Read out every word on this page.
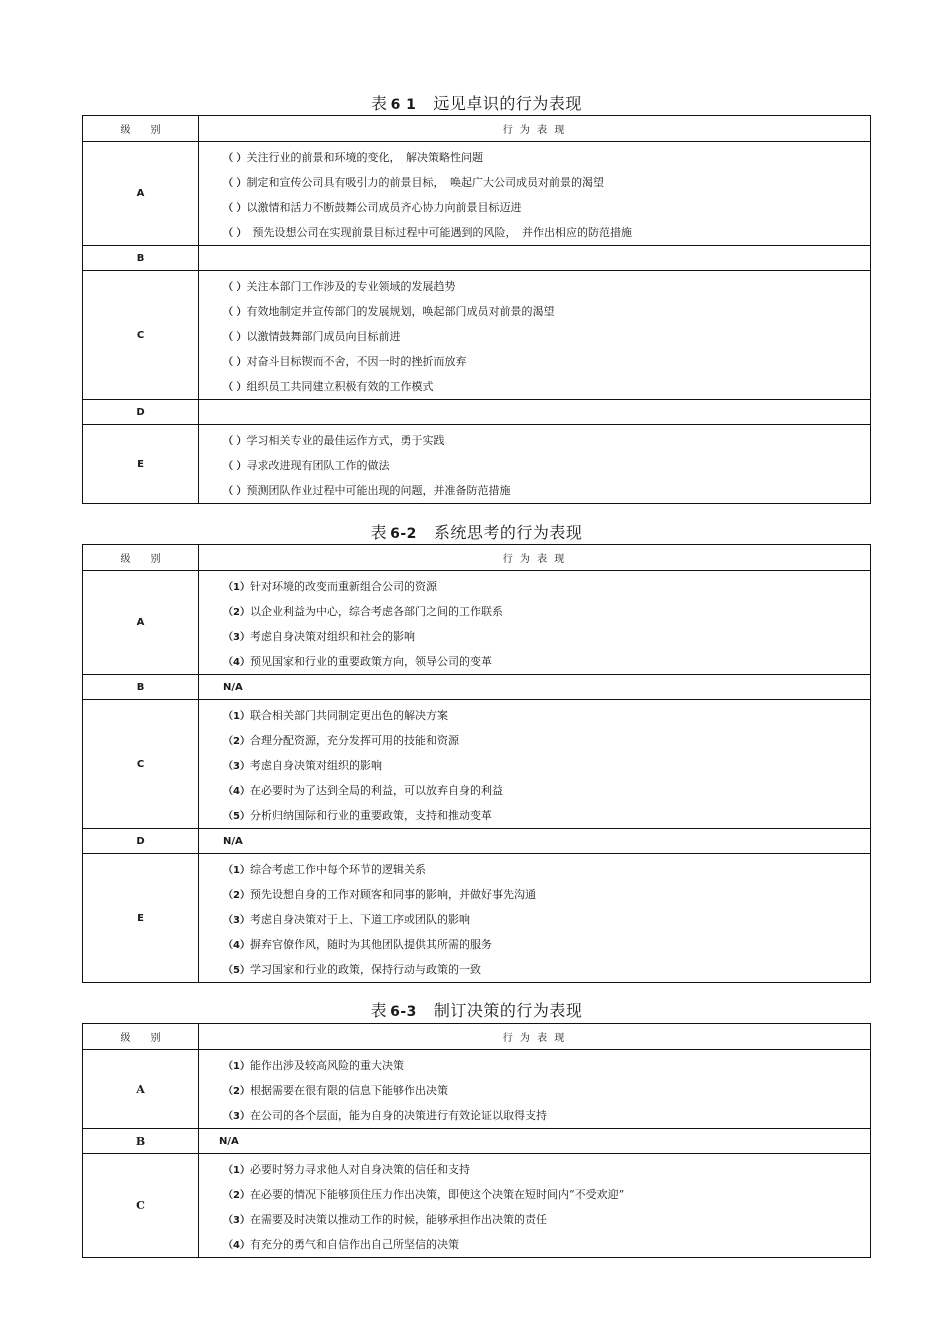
表 6 1 远见卓识的行为表现
级　　别	行 为 表 现
A	（ ）关注行业的前景和环境的变化，　解决策略性问题
（ ）制定和宣传公司具有吸引力的前景目标，　唤起广大公司成员对前景的渴望
（ ）以激情和活力不断鼓舞公司成员齐心协力向前景目标迈进
（ ）　预先设想公司在实现前景目标过程中可能遇到的风险，　并作出相应的防范措施

B	
C	（ ）关注本部门工作涉及的专业领域的发展趋势
（ ）有效地制定并宣传部门的发展规划，唤起部门成员对前景的渴望
（ ）以激情鼓舞部门成员向目标前进
（ ）对奋斗目标锲而不舍，不因一时的挫折而放弃
（ ）组织员工共同建立积极有效的工作模式

D	
E	（ ）学习相关专业的最佳运作方式，勇于实践
（ ）寻求改进现有团队工作的做法
（ ）预测团队作业过程中可能出现的问题，并准备防范措施
表 6-2 系统思考的行为表现
级　　别	行 为 表 现
A	（1）针对环境的改变而重新组合公司的资源
（2）以企业利益为中心，综合考虑各部门之间的工作联系
（3）考虑自身决策对组织和社会的影响
（4）预见国家和行业的重要政策方向，领导公司的变革

B	N/A
C	（1）联合相关部门共同制定更出色的解决方案
（2）合理分配资源，充分发挥可用的技能和资源
（3）考虑自身决策对组织的影响
（4）在必要时为了达到全局的利益，可以放弃自身的利益
（5）分析归纳国际和行业的重要政策，支持和推动变革

D	N/A
E	（1）综合考虑工作中每个环节的逻辑关系
（2）预先设想自身的工作对顾客和同事的影响，并做好事先沟通
（3）考虑自身决策对于上、下道工序或团队的影响
（4）摒弃官僚作风，随时为其他团队提供其所需的服务
（5）学习国家和行业的政策，保持行动与政策的一致
表 6-3 制订决策的行为表现
级　　别	行 为 表 现
A	（1）能作出涉及较高风险的重大决策
（2）根据需要在很有限的信息下能够作出决策
（3）在公司的各个层面，能为自身的决策进行有效论证以取得支持

B	N/A
C	（1）必要时努力寻求他人对自身决策的信任和支持
（2）在必要的情况下能够顶住压力作出决策，即使这个决策在短时间内“不受欢迎”
（3）在需要及时决策以推动工作的时候，能够承担作出决策的责任
（4）有充分的勇气和自信作出自己所坚信的决策
